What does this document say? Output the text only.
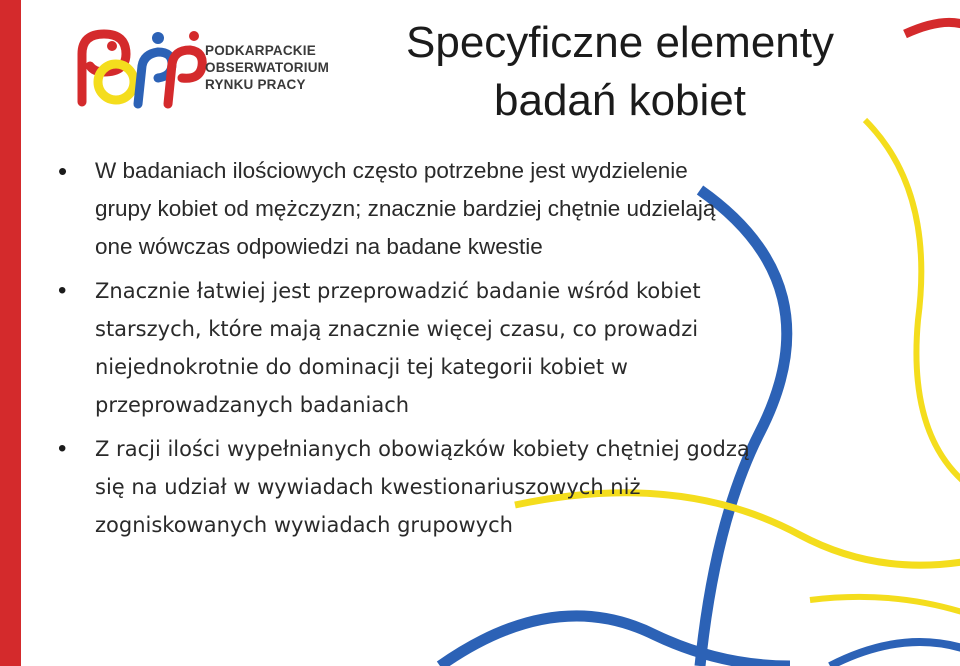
PODKARPACKIE
OBSERWATORIUM
RYNKU PRACY
Specyficzne elementy
badań kobiet
• W badaniach ilościowych często potrzebne jest wydzielenie
grupy kobiet od mężczyzn; znacznie bardziej chętnie udzielają
one wówczas odpowiedzi na badane kwestie
• Znacznie łatwiej jest przeprowadzić badanie wśród kobiet
starszych, które mają znacznie więcej czasu, co prowadzi
niejednokrotnie do dominacji tej kategorii kobiet w
przeprowadzanych badaniach
• Z racji ilości wypełnianych obowiązków kobiety chętniej godzą
się na udział w wywiadach kwestionariuszowych niż
zogniskowanych wywiadach grupowych
